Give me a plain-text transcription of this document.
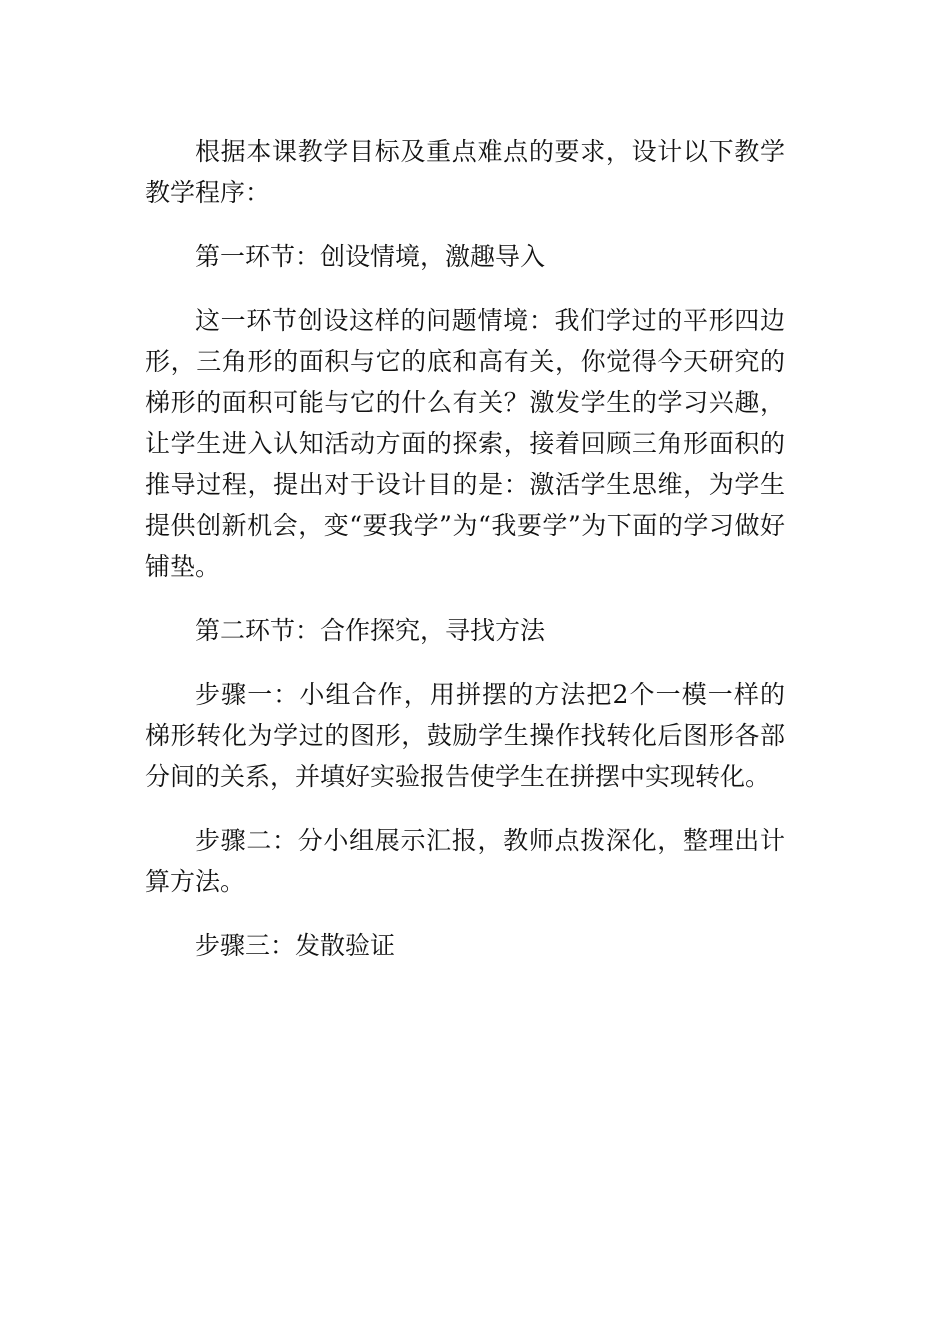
根据本课教学目标及重点难点的要求，设计以下教学教学程序：

第一环节：创设情境，激趣导入

这一环节创设这样的问题情境：我们学过的平形四边形，三角形的面积与它的底和高有关，你觉得今天研究的梯形的面积可能与它的什么有关？激发学生的学习兴趣，让学生进入认知活动方面的探索，接着回顾三角形面积的推导过程，提出对于设计目的是：激活学生思维，为学生提供创新机会，变“要我学”为“我要学”为下面的学习做好铺垫。

第二环节：合作探究，寻找方法

步骤一：小组合作，用拼摆的方法把2个一模一样的梯形转化为学过的图形，鼓励学生操作找转化后图形各部分间的关系，并填好实验报告使学生在拼摆中实现转化。

步骤二：分小组展示汇报，教师点拨深化，整理出计算方法。

步骤三：发散验证
